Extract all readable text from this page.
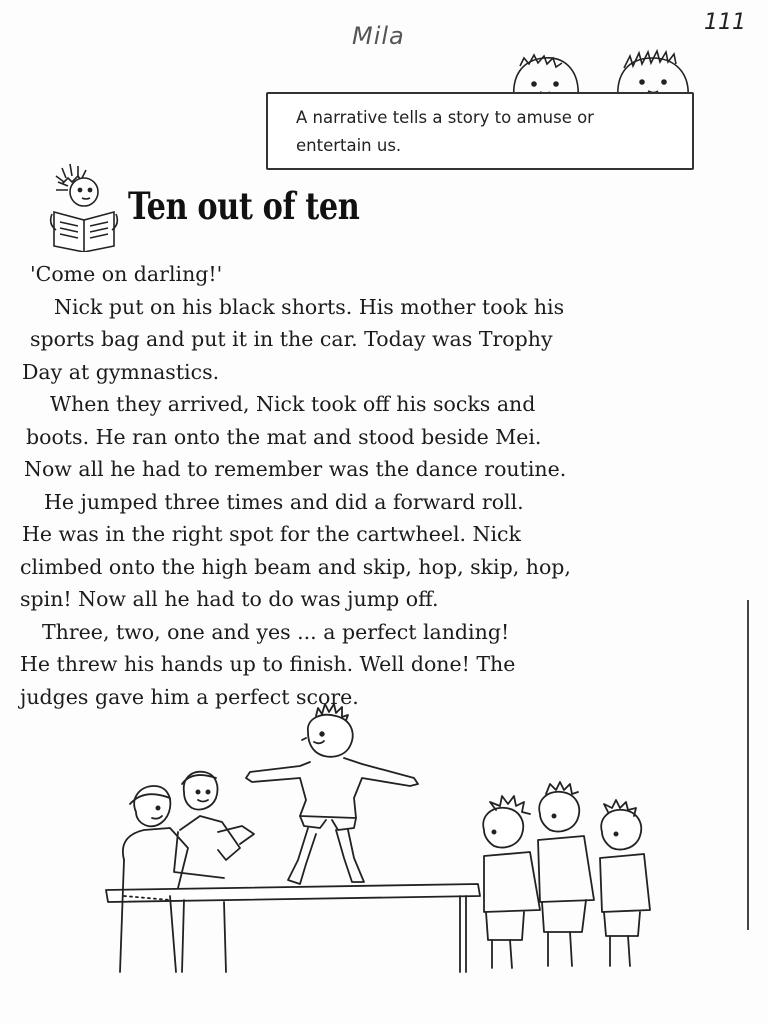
Mila	111
A narrative tells a story to amuse or
entertain us.
Ten out of ten
'Come on darling!'
Nick put on his black shorts. His mother took his
sports bag and put it in the car. Today was Trophy
Day at gymnastics.
When they arrived, Nick took off his socks and
boots. He ran onto the mat and stood beside Mei.
Now all he had to remember was the dance routine.
He jumped three times and did a forward roll.
He was in the right spot for the cartwheel. Nick
climbed onto the high beam and skip, hop, skip, hop,
spin! Now all he had to do was jump off.
Three, two, one and yes ... a perfect landing!
He threw his hands up to finish. Well done! The
judges gave him a perfect score.
